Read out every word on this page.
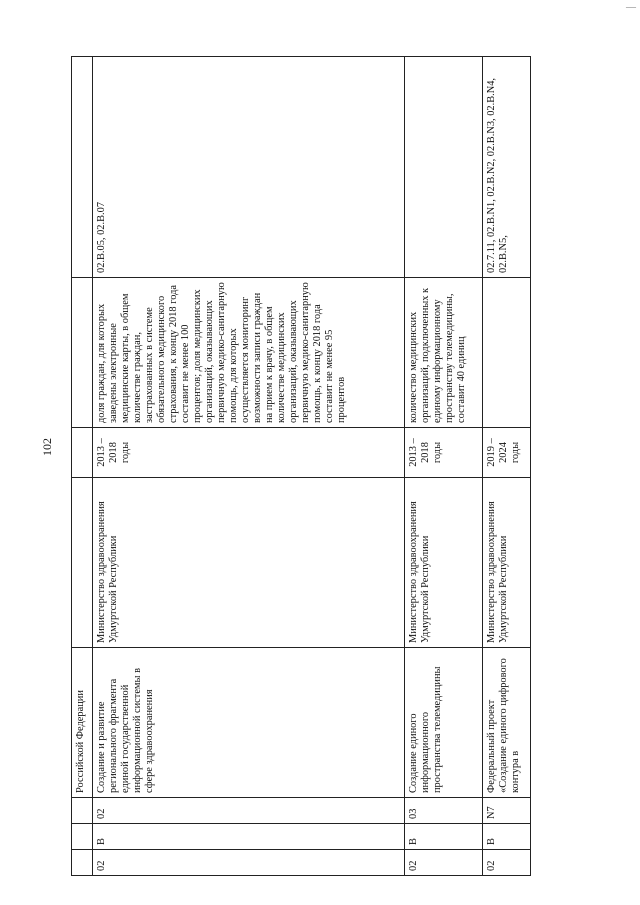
102
—
			Российской Федерации				
02	В	02	Создание и развитие регионального фрагмента единой государственной информационной системы в сфере здравоохранения	Министерство здравоохранения Удмуртской Республики	2013 – 2018 годы	доля граждан, для которых заведены электронные медицинские карты, в общем количестве граждан, застрахованных в системе обязательного медицинского страхования, к концу 2018 года составит не менее 100 процентов; доля медицинских организаций, оказывающих первичную медико-санитарную помощь, для которых осуществляется мониторинг возможности записи граждан на прием к врачу, в общем количестве медицинских организаций, оказывающих первичную медико-санитарную помощь, к концу 2018 года составит не менее 95 процентов	02.В.05, 02.В.07
02	В	03	Создание единого информационного пространства телемедицины	Министерство здравоохранения Удмуртской Республики	2013 – 2018 годы	количество медицинских организаций, подключенных к единому информационному пространству телемедицины, составит 40 единиц	
02	В	N7	Федеральный проект «Создание единого цифрового контура в	Министерство здравоохранения Удмуртской Республики	2019 – 2024 годы		02.7.11, 02.В.N1, 02.В.N2, 02.В.N3, 02.В.N4, 02.В.N5,
